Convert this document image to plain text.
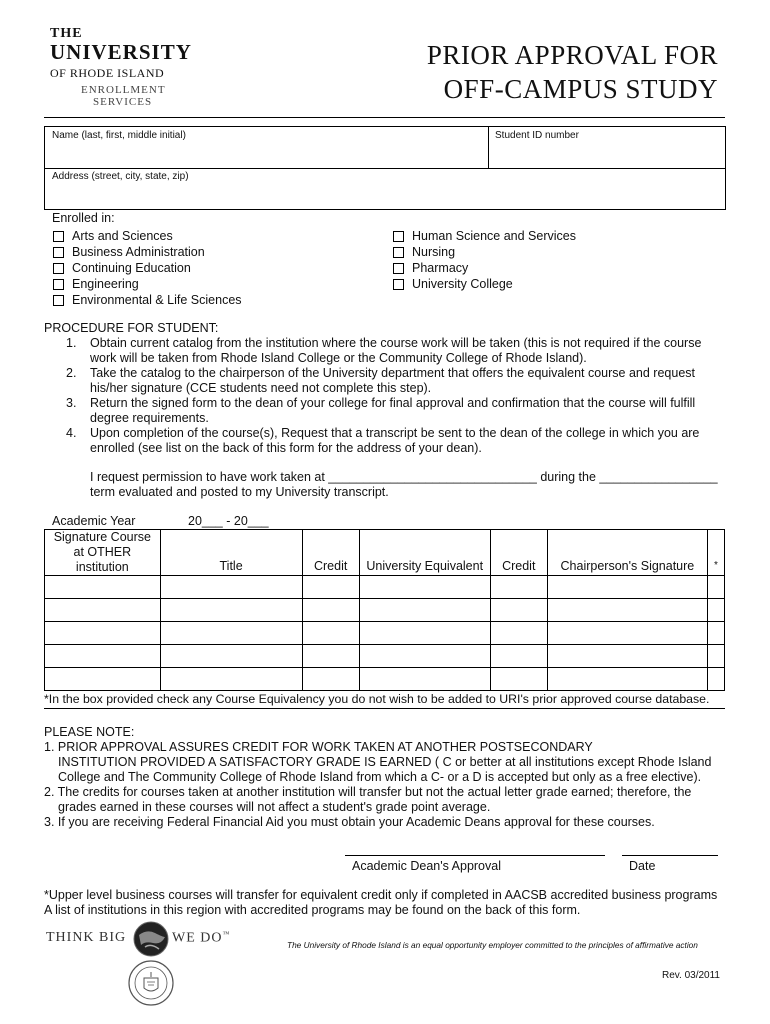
THE
UNIVERSITY
OF RHODE ISLAND
ENROLLMENT
SERVICES
PRIOR APPROVAL FOR
OFF-CAMPUS STUDY
Name (last, first, middle initial)	Student ID number
Address (street, city, state, zip)
Enrolled in:
Arts and Sciences
Business Administration
Continuing Education
Engineering
Environmental & Life Sciences
Human Science and Services
Nursing
Pharmacy
University College
PROCEDURE FOR STUDENT:
1.	Obtain current catalog from the institution where the course work will be taken (this is not required if the course work will be taken from Rhode Island College or the Community College of Rhode Island).
2.	Take the catalog to the chairperson of the University department that offers the equivalent course and request his/her signature (CCE students need not complete this step).
3.	Return the signed form to the dean of your college for final approval and confirmation that the course will fulfill degree requirements.
4.	Upon completion of the course(s), Request that a transcript be sent to the dean of the college in which you are enrolled (see list on the back of this form for the address of your dean).
I request permission to have work taken at ______________________________ during the _________________
term evaluated and posted to my University transcript.
Academic Year	20___ - 20___
Signature Course
at OTHER
institution	Title	Credit	University Equivalent	Credit	Chairperson's Signature	*

*In the box provided check any Course Equivalency you do not wish to be added to URI's prior approved course database.
PLEASE NOTE:
1. PRIOR APPROVAL ASSURES CREDIT FOR WORK TAKEN AT ANOTHER POSTSECONDARY
INSTITUTION PROVIDED A SATISFACTORY GRADE IS EARNED ( C or better at all institutions except Rhode Island
College and The Community College of Rhode Island from which a C- or a D is accepted but only as a free elective).
2. The credits for courses taken at another institution will transfer but not the actual letter grade earned; therefore, the
grades earned in these courses will not affect a student's grade point average.
3. If you are receiving Federal Financial Aid you must obtain your Academic Deans approval for these courses.
Academic Dean's Approval	Date
*Upper level business courses will transfer for equivalent credit only if completed in AACSB accredited business programs
A list of institutions in this region with accredited programs may be found on the back of this form.
THINK BIG	WE DO™
The University of Rhode Island is an equal opportunity employer committed to the principles of affirmative action
Rev. 03/2011
